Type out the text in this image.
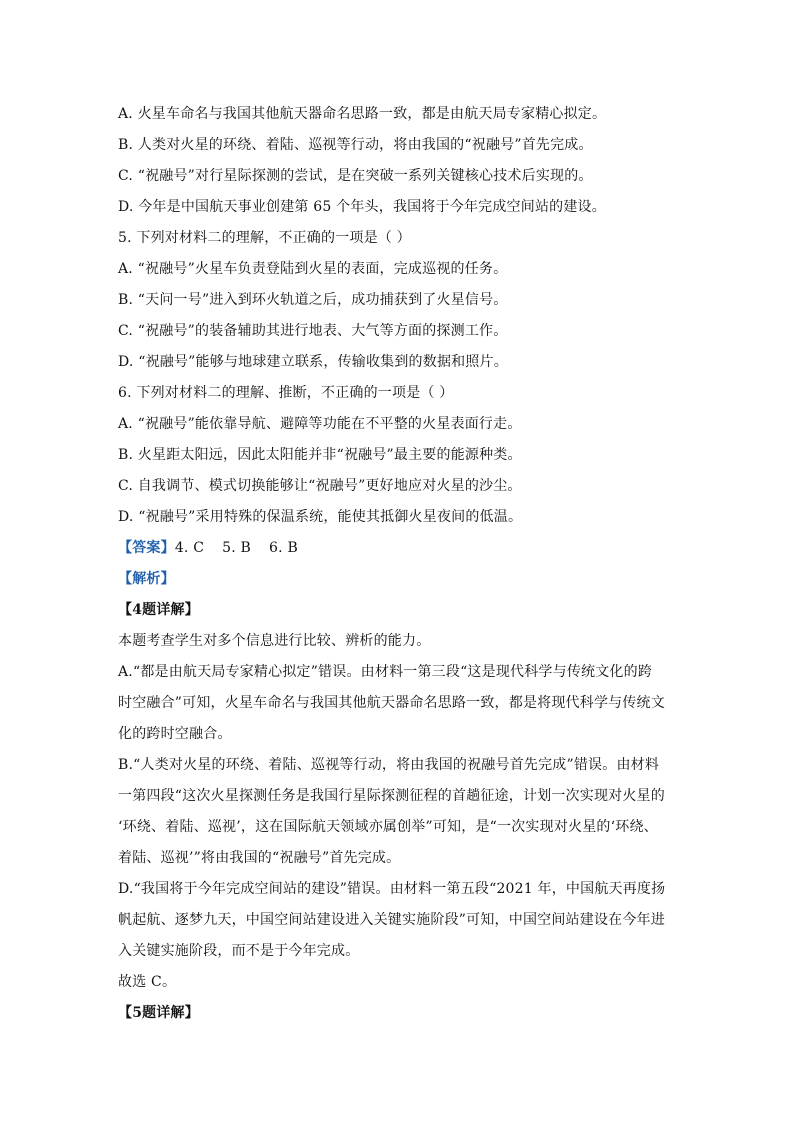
A. 火星车命名与我国其他航天器命名思路一致，都是由航天局专家精心拟定。
B. 人类对火星的环绕、着陆、巡视等行动，将由我国的“祝融号”首先完成。
C. “祝融号”对行星际探测的尝试，是在突破一系列关键核心技术后实现的。
D. 今年是中国航天事业创建第 65 个年头，我国将于今年完成空间站的建设。
5. 下列对材料二的理解，不正确的一项是（ ）
A. “祝融号”火星车负责登陆到火星的表面，完成巡视的任务。
B. “天问一号”进入到环火轨道之后，成功捕获到了火星信号。
C. “祝融号”的装备辅助其进行地表、大气等方面的探测工作。
D. “祝融号”能够与地球建立联系，传输收集到的数据和照片。
6. 下列对材料二的理解、推断，不正确的一项是（ ）
A. “祝融号”能依靠导航、避障等功能在不平整的火星表面行走。
B. 火星距太阳远，因此太阳能并非“祝融号”最主要的能源种类。
C. 自我调节、模式切换能够让“祝融号”更好地应对火星的沙尘。
D. “祝融号”采用特殊的保温系统，能使其抵御火星夜间的低温。
【答案】4. C 5. B 6. B
【解析】
【4题详解】
本题考查学生对多个信息进行比较、辨析的能力。
A.“都是由航天局专家精心拟定”错误。由材料一第三段“这是现代科学与传统文化的跨
时空融合”可知，火星车命名与我国其他航天器命名思路一致，都是将现代科学与传统文
化的跨时空融合。
B.“人类对火星的环绕、着陆、巡视等行动，将由我国的祝融号首先完成”错误。由材料
一第四段“这次火星探测任务是我国行星际探测征程的首趟征途，计划一次实现对火星的
‘环绕、着陆、巡视’，这在国际航天领域亦属创举”可知，是“一次实现对火星的‘环绕、
着陆、巡视’”将由我国的“祝融号”首先完成。
D.“我国将于今年完成空间站的建设”错误。由材料一第五段“2021 年，中国航天再度扬
帆起航、逐梦九天，中国空间站建设进入关键实施阶段”可知，中国空间站建设在今年进
入关键实施阶段，而不是于今年完成。
故选 C。
【5题详解】
